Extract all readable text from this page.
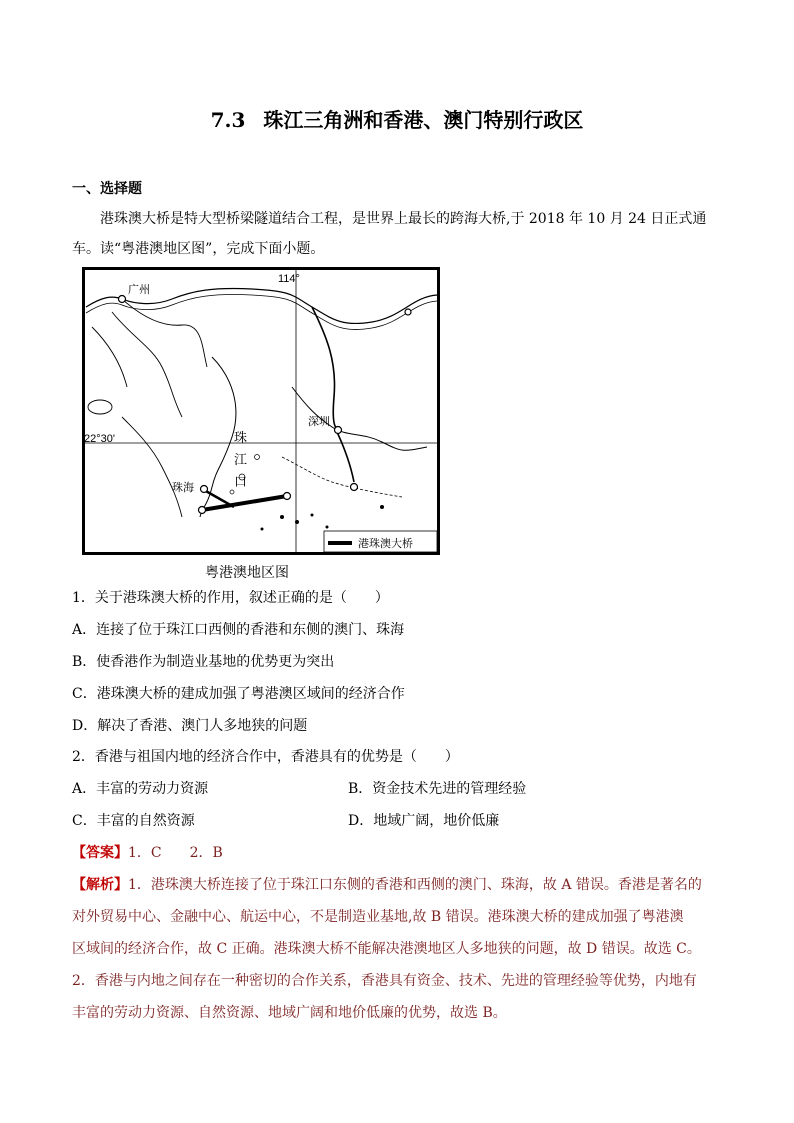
7.3 珠江三角洲和香港、澳门特别行政区
一、选择题
港珠澳大桥是特大型桥梁隧道结合工程，是世界上最长的跨海大桥,于 2018 年 10 月 24 日正式通车。读“粤港澳地区图”，完成下面小题。
114°
22°30'
广州
深圳
珠海
珠
江
口
港珠澳大桥
粤港澳地区图
1．关于港珠澳大桥的作用，叙述正确的是（　　）
A．连接了位于珠江口西侧的香港和东侧的澳门、珠海
B．使香港作为制造业基地的优势更为突出
C．港珠澳大桥的建成加强了粤港澳区域间的经济合作
D．解决了香港、澳门人多地狭的问题
2．香港与祖国内地的经济合作中，香港具有的优势是（　　）
A．丰富的劳动力资源	B．资金技术先进的管理经验
C．丰富的自然资源	D．地域广阔，地价低廉
【答案】1．C　　2．B
【解析】1．港珠澳大桥连接了位于珠江口东侧的香港和西侧的澳门、珠海，故 A 错误。香港是著名的
对外贸易中心、金融中心、航运中心，不是制造业基地,故 B 错误。港珠澳大桥的建成加强了粤港澳
区域间的经济合作，故 C 正确。港珠澳大桥不能解决港澳地区人多地狭的问题，故 D 错误。故选 C。
2．香港与内地之间存在一种密切的合作关系，香港具有资金、技术、先进的管理经验等优势，内地有
丰富的劳动力资源、自然资源、地域广阔和地价低廉的优势，故选 B。
